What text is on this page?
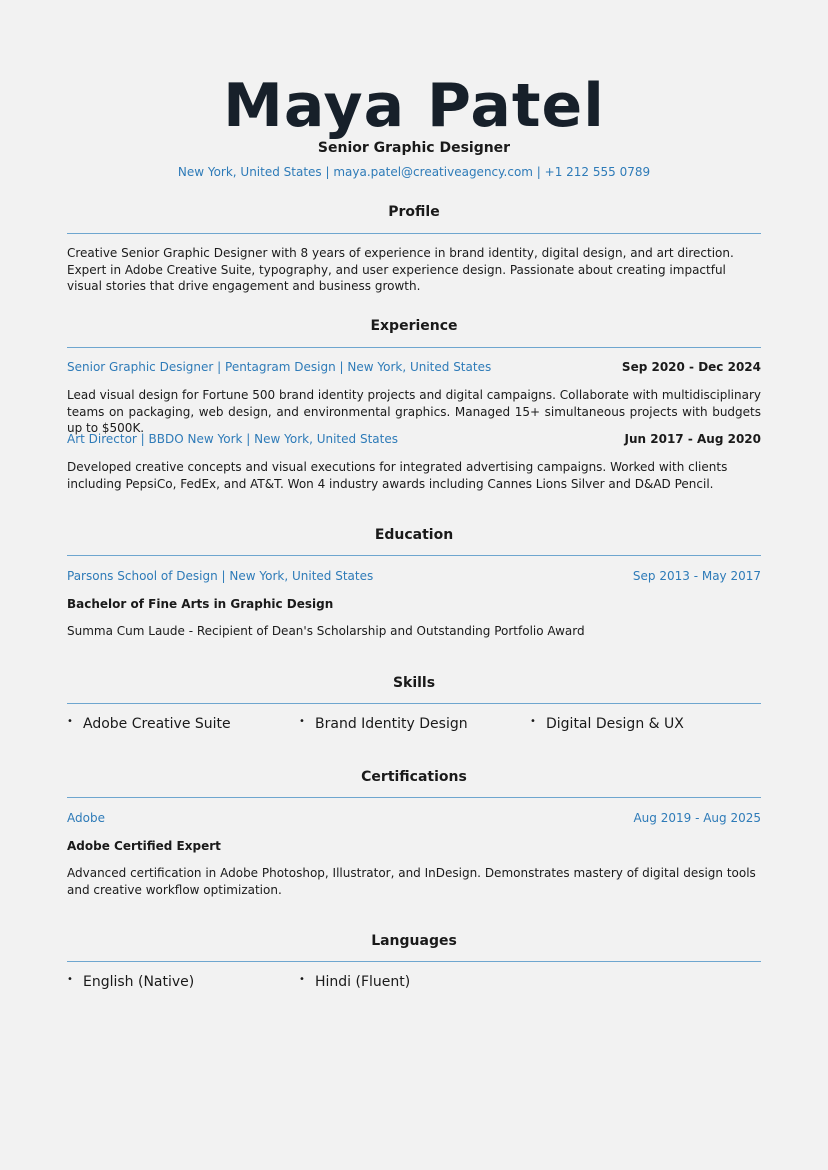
Maya Patel
Senior Graphic Designer
New York, United States | maya.patel@creativeagency.com | +1 212 555 0789
Profile
Creative Senior Graphic Designer with 8 years of experience in brand identity, digital design, and art direction. Expert in Adobe Creative Suite, typography, and user experience design. Passionate about creating impactful visual stories that drive engagement and business growth.
Experience
Senior Graphic Designer | Pentagram Design | New York, United States	Sep 2020 - Dec 2024
Lead visual design for Fortune 500 brand identity projects and digital campaigns. Collaborate with multidisciplinary teams on packaging, web design, and environmental graphics. Managed 15+ simultaneous projects with budgets up to $500K.
Art Director | BBDO New York | New York, United States	Jun 2017 - Aug 2020
Developed creative concepts and visual executions for integrated advertising campaigns. Worked with clients including PepsiCo, FedEx, and AT&T. Won 4 industry awards including Cannes Lions Silver and D&AD Pencil.
Education
Parsons School of Design | New York, United States	Sep 2013 - May 2017
Bachelor of Fine Arts in Graphic Design
Summa Cum Laude - Recipient of Dean's Scholarship and Outstanding Portfolio Award
Skills
• Adobe Creative Suite	• Brand Identity Design	• Digital Design & UX
Certifications
Adobe	Aug 2019 - Aug 2025
Adobe Certified Expert
Advanced certification in Adobe Photoshop, Illustrator, and InDesign. Demonstrates mastery of digital design tools and creative workflow optimization.
Languages
• English (Native)	• Hindi (Fluent)
